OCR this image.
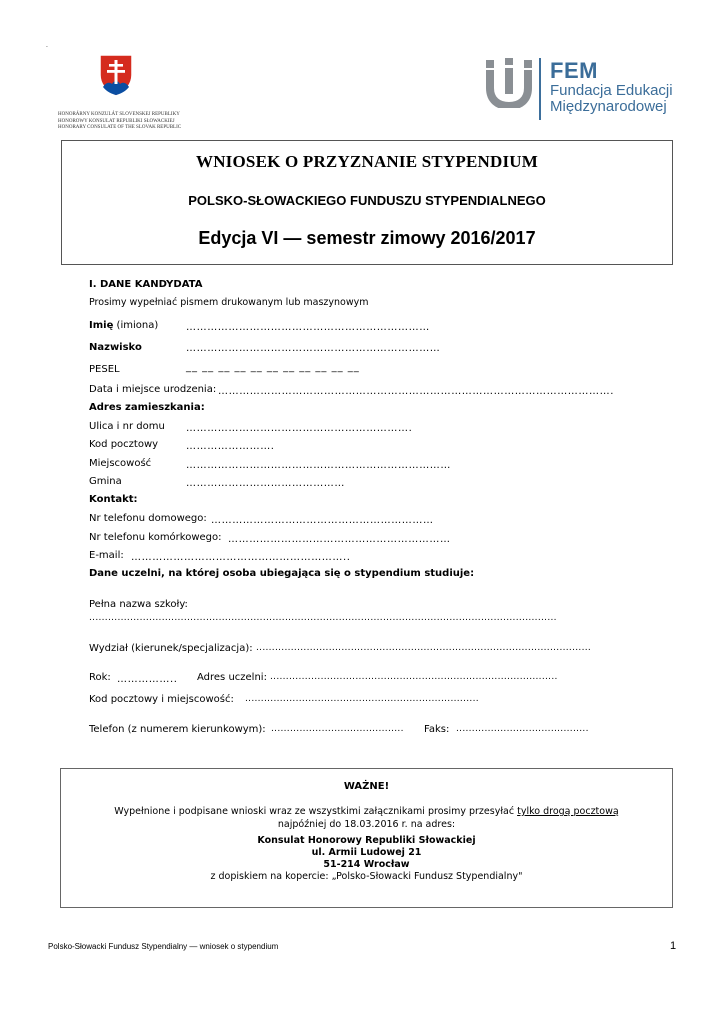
.
HONORÁRNY KONZULÁT SLOVENSKEJ REPUBLIKY
HONOROWY KONSULAT REPUBLIKI SŁOWACKIEJ
HONORARY CONSULATE OF THE SLOVAK REPUBLIC
FEM
Fundacja Edukacji
Międzynarodowej
WNIOSEK O PRZYZNANIE STYPENDIUM
POLSKO-SŁOWACKIEGO FUNDUSZU STYPENDIALNEGO
Edycja VI — semestr zimowy 2016/2017
I. DANE KANDYDATA
Prosimy wypełniać pismem drukowanym lub maszynowym
Imię (imiona)	……………………………………………………………
Nazwisko	………………………………………………………………
PESEL	__ __ __ __ __ __ __ __ __ __ __
Data i miejsce urodzenia: ………………………………………………………………………………………………….
Adres zamieszkania:
Ulica i nr domu ……………………………………………………….
Kod pocztowy	…………………….
Miejscowość	…………………………………………………………………
Gmina	………………………………………
Kontakt:
Nr telefonu domowego: ………………………………………………………
Nr telefonu komórkowego: ………………………………………………………
E-mail: ……………………………………………………..
Dane uczelni, na której osoba ubiegająca się o stypendium studiuje:
Pełna nazwa szkoły:
....................................................................................................................................................
Wydział (kierunek/specjalizacja): ..........................................................................................................
Rok: …………….. Adres uczelni: ...........................................................................................
Kod pocztowy i miejscowość: ..........................................................................
Telefon (z numerem kierunkowym): .......................................... Faks: ..........................................
WAŻNE!
Wypełnione i podpisane wnioski wraz ze wszystkimi załącznikami prosimy przesyłać tylko drogą pocztową
najpóźniej do 18.03.2016 r. na adres:
Konsulat Honorowy Republiki Słowackiej
ul. Armii Ludowej 21
51-214 Wrocław
z dopiskiem na kopercie: „Polsko-Słowacki Fundusz Stypendialny"
Polsko-Słowacki Fundusz Stypendialny — wniosek o stypendium	1
